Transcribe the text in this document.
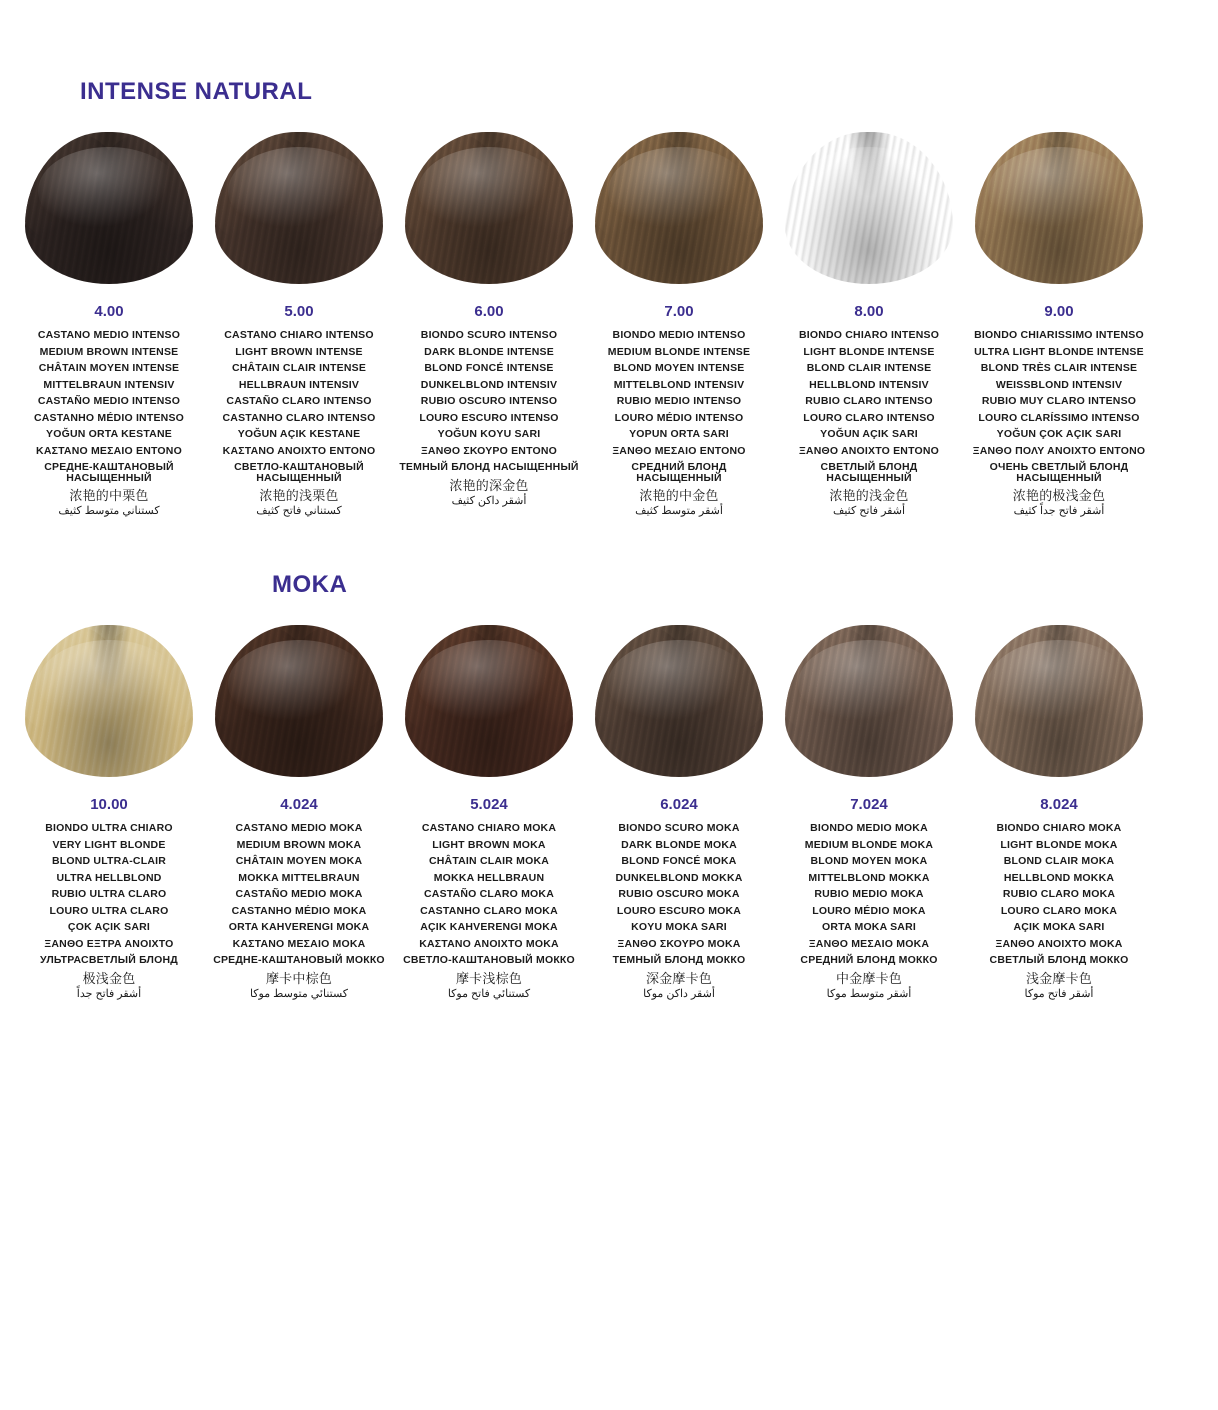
INTENSE NATURAL
4.00
CASTANO MEDIO INTENSO
MEDIUM BROWN INTENSE
CHÂTAIN MOYEN INTENSE
MITTELBRAUN INTENSIV
CASTAÑO MEDIO INTENSO
CASTANHO MÉDIO INTENSO
YOĞUN ORTA KESTANE
ΚΑΣΤΑΝΟ ΜΕΣΑΙΟ ΕΝΤΟΝΟ
СРЕДНЕ-КАШТАНОВЫЙ НАСЫЩЕННЫЙ
浓艳的中栗色
كستناني متوسط كثيف
5.00
CASTANO CHIARO INTENSO
LIGHT BROWN INTENSE
CHÂTAIN CLAIR INTENSE
HELLBRAUN INTENSIV
CASTAÑO CLARO INTENSO
CASTANHO CLARO INTENSO
YOĞUN AÇIK KESTANE
ΚΑΣΤΑΝΟ ΑΝΟΙΧΤΟ ΕΝΤΟΝΟ
СВЕТЛО-КАШТАНОВЫЙ НАСЫЩЕННЫЙ
浓艳的浅栗色
كستناني فاتح كثيف
6.00
BIONDO SCURO INTENSO
DARK BLONDE INTENSE
BLOND FONCÉ INTENSE
DUNKELBLOND INTENSIV
RUBIO OSCURO INTENSO
LOURO ESCURO INTENSO
YOĞUN KOYU SARI
ΞΑΝΘΟ ΣΚΟΥΡΟ ΕΝΤΟΝΟ
ТЕМНЫЙ БЛОНД НАСЫЩЕННЫЙ
浓艳的深金色
أشقر داكن كثيف
7.00
BIONDO MEDIO INTENSO
MEDIUM BLONDE INTENSE
BLOND MOYEN INTENSE
MITTELBLOND INTENSIV
RUBIO MEDIO INTENSO
LOURO MÉDIO INTENSO
YOPUN ORTA SARI
ΞΑΝΘΟ ΜΕΣΑΙΟ ΕΝΤΟΝΟ
СРЕДНИЙ БЛОНД НАСЫЩЕННЫЙ
浓艳的中金色
أشقر متوسط كثيف
8.00
BIONDO CHIARO INTENSO
LIGHT BLONDE INTENSE
BLOND CLAIR INTENSE
HELLBLOND INTENSIV
RUBIO CLARO INTENSO
LOURO CLARO INTENSO
YOĞUN AÇIK SARI
ΞΑΝΘΟ ΑΝΟΙΧΤΟ ΕΝΤΟΝΟ
СВЕТЛЫЙ БЛОНД НАСЫЩЕННЫЙ
浓艳的浅金色
أشقر فاتح كثيف
9.00
BIONDO CHIARISSIMO INTENSO
ULTRA LIGHT BLONDE INTENSE
BLOND TRÈS CLAIR INTENSE
WEISSBLOND INTENSIV
RUBIO MUY CLARO INTENSO
LOURO CLARÍSSIMO INTENSO
YOĞUN ÇOK AÇIK SARI
ΞΑΝΘΟ ΠΟΛΥ ΑΝΟΙΧΤΟ ΕΝΤΟΝΟ
ОЧЕНЬ СВЕТЛЫЙ БЛОНД НАСЫЩЕННЫЙ
浓艳的极浅金色
أشقر فاتح جداً كثيف
MOKA
10.00
BIONDO ULTRA CHIARO
VERY LIGHT BLONDE
BLOND ULTRA-CLAIR
ULTRA HELLBLOND
RUBIO ULTRA CLARO
LOURO ULTRA CLARO
ÇOK AÇIK SARI
ΞΑΝΘΟ ΕΞΤΡΑ ΑΝΟΙΧΤΟ
УЛЬТРАСВЕТЛЫЙ БЛОНД
极浅金色
أشقر فاتح جداً
4.024
CASTANO MEDIO MOKA
MEDIUM BROWN MOKA
CHÂTAIN MOYEN MOKA
MOKKA MITTELBRAUN
CASTAÑO MEDIO MOKA
CASTANHO MÉDIO MOKA
ORTA KAHVERENGI MOKA
ΚΑΣΤΑΝΟ ΜΕΣΑΙΟ ΜΟΚΑ
СРЕДНЕ-КАШТАНОВЫЙ МОККО
摩卡中棕色
كستنائي متوسط موكا
5.024
CASTANO CHIARO MOKA
LIGHT BROWN MOKA
CHÂTAIN CLAIR MOKA
MOKKA HELLBRAUN
CASTAÑO CLARO MOKA
CASTANHO CLARO MOKA
AÇIK KAHVERENGI MOKA
ΚΑΣΤΑΝΟ ΑΝΟΙΧΤΟ ΜΟΚΑ
СВЕТЛО-КАШТАНОВЫЙ МОККО
摩卡浅棕色
كستنائي فاتح موكا
6.024
BIONDO SCURO MOKA
DARK BLONDE MOKA
BLOND FONCÉ MOKA
DUNKELBLOND MOKKA
RUBIO OSCURO MOKA
LOURO ESCURO MOKA
KOYU MOKA SARI
ΞΑΝΘΟ ΣΚΟΥΡΟ ΜΟΚΑ
ТЕМНЫЙ БЛОНД МОККО
深金摩卡色
أشقر داكن موكا
7.024
BIONDO MEDIO MOKA
MEDIUM BLONDE MOKA
BLOND MOYEN MOKA
MITTELBLOND MOKKA
RUBIO MEDIO MOKA
LOURO MÉDIO MOKA
ORTA MOKA SARI
ΞΑΝΘΟ ΜΕΣΑΙΟ ΜΟΚΑ
СРЕДНИЙ БЛОНД МОККО
中金摩卡色
أشقر متوسط موكا
8.024
BIONDO CHIARO MOKA
LIGHT BLONDE MOKA
BLOND CLAIR MOKA
HELLBLOND MOKKA
RUBIO CLARO MOKA
LOURO CLARO MOKA
AÇIK MOKA SARI
ΞΑΝΘΟ ΑΝΟΙΧΤΟ ΜΟΚΑ
СВЕТЛЫЙ БЛОНД МОККО
浅金摩卡色
أشقر فاتح موكا
